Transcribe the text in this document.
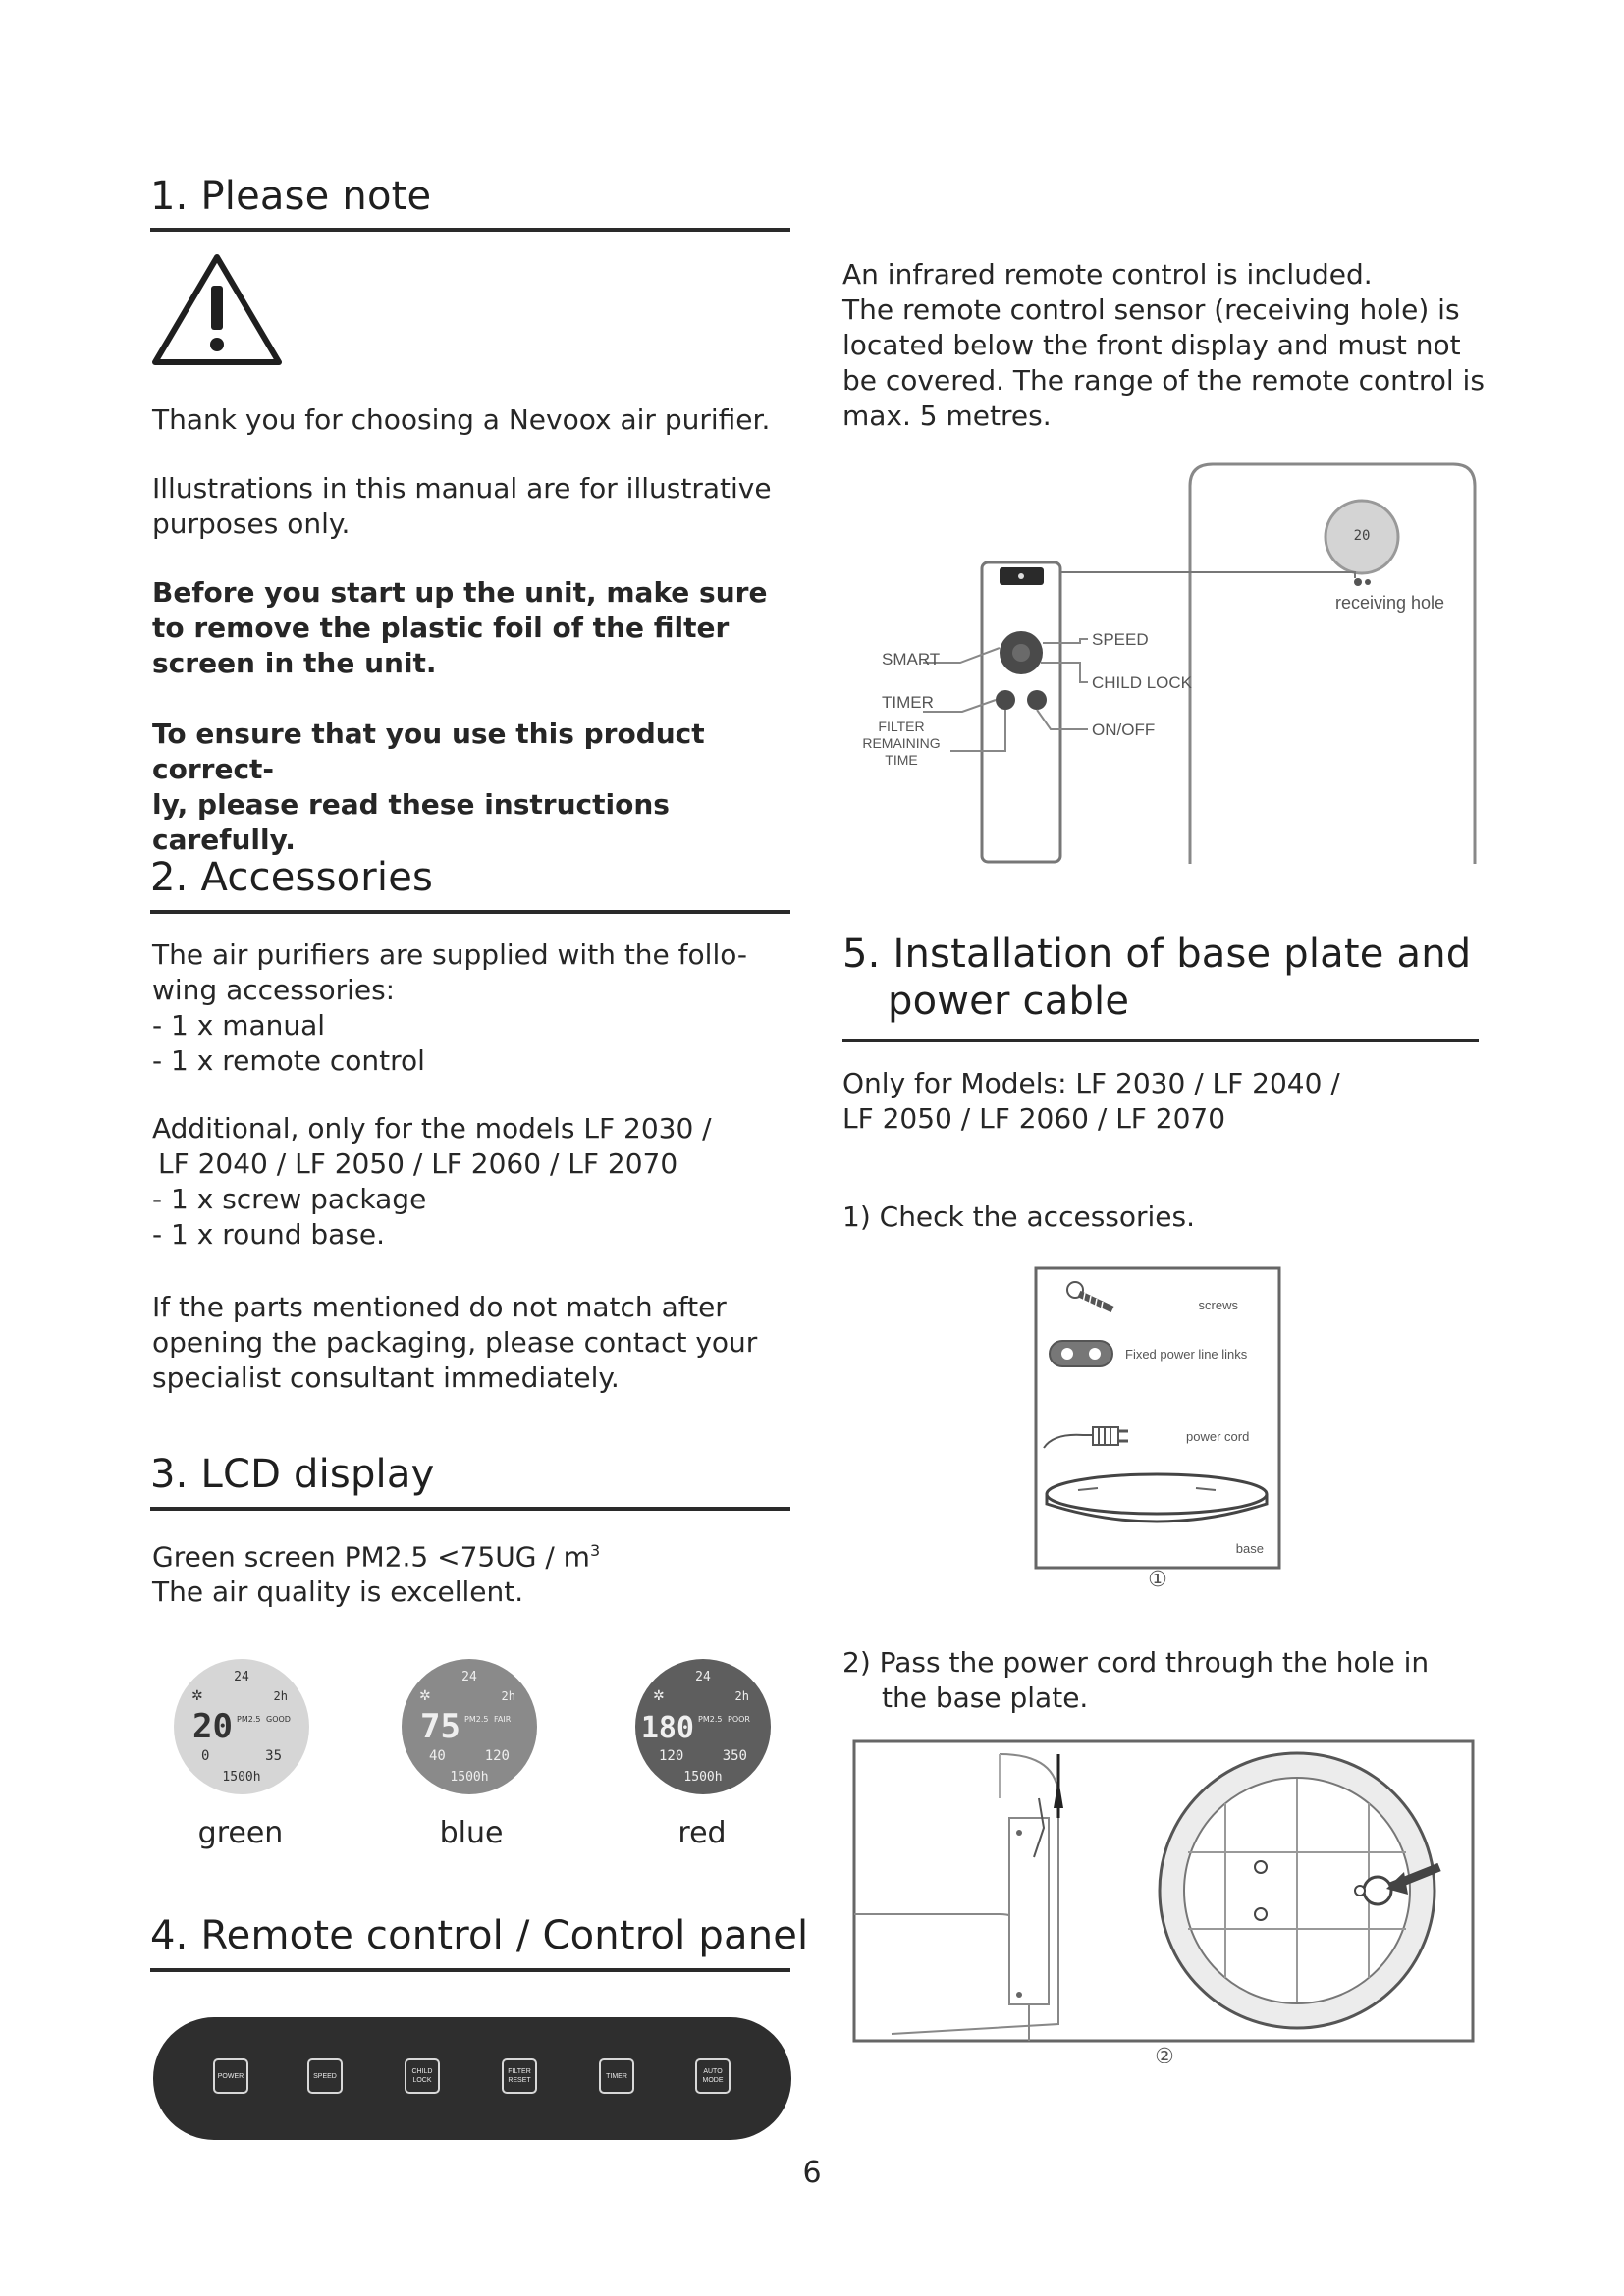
1. Please note
Thank you for choosing a Nevoox air purifier.
Illustrations in this manual are for illustrative purposes only.
Before you start up the unit, make sure to remove the plastic foil of the filter screen in the unit.

To ensure that you use this product correct-

ly, please read these instructions carefully.

An infrared remote control is included.

The remote control sensor (receiving hole) is

located below the front display and must not

be covered. The range of the remote control is

max. 5 metres.

20
receiving hole
SPEED
CHILD LOCK
ON/OFF
SMART
TIMER
FILTER
REMAINING
TIME
2. Accessories

The air purifiers are supplied with the follo-

wing accessories:

- 1 x manual

- 1 x remote control

Additional, only for the models LF 2030 /

LF 2040 / LF 2050 / LF 2060 / LF 2070

- 1 x screw package

- 1 x round base.

If the parts mentioned do not match after

opening the packaging, please contact your

specialist consultant immediately.

3. LCD display

Green screen $PM2.5 <75UG / m^3$

The air quality is excellent.

24
2h
✲
20 PM2.5 GOOD
0	35
1500h
24
2h
✲
75 PM2.5 FAIR
40	120
1500h
24
2h
✲
180 PM2.5 POOR
120	350
1500h
green	blue	red
4. Remote control / Control panel
POWER	SPEED
CHILD
LOCK
FILTER
RESET
TIMER
AUTO
MODE
5. Installation of base plate and
power cable

Only for Models: LF 2030 / LF 2040 /

LF 2050 / LF 2060 / LF 2070

1) Check the accessories.
screws
Fixed power line links
power cord
base
①

2) Pass the power cord through the hole in

the base plate.

②
6
